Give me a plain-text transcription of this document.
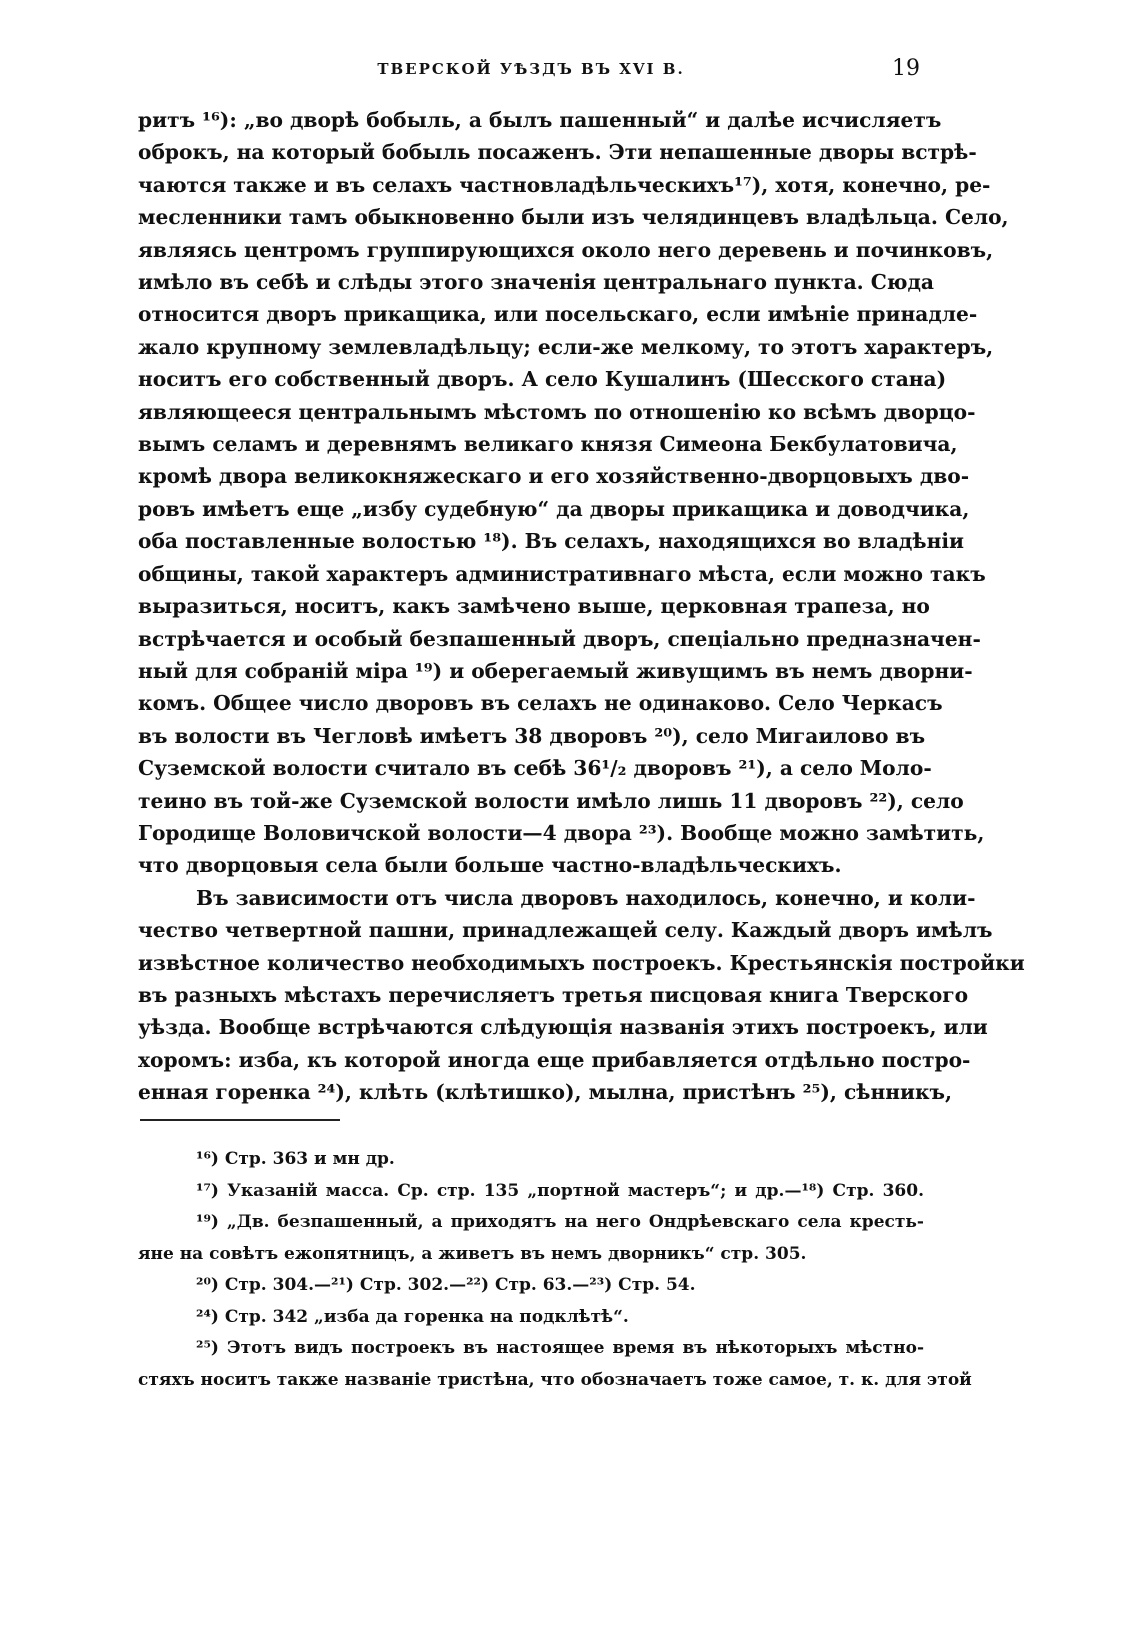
ТВЕРСКОЙ УѢЗДЪ ВЪ XVI В.	19
ритъ ¹⁶): „во дворѣ бобыль, а былъ пашенный“ и далѣе исчисляетъ
оброкъ, на который бобыль посаженъ. Эти непашенные дворы встрѣ-
чаются также и въ селахъ частновладѣльческихъ¹⁷), хотя, конечно, ре-
месленники тамъ обыкновенно были изъ челядинцевъ владѣльца. Село,
являясь центромъ группирующихся около него деревень и починковъ,
имѣло въ себѣ и слѣды этого значенія центральнаго пункта. Сюда
относится дворъ прикащика, или посельскаго, если имѣніе принадле-
жало крупному землевладѣльцу; если-же мелкому, то этотъ характеръ,
носитъ его собственный дворъ. А село Кушалинъ (Шесского стана)
являющееся центральнымъ мѣстомъ по отношенію ко всѣмъ дворцо-
вымъ селамъ и деревнямъ великаго князя Симеона Бекбулатовича,
кромѣ двора великокняжескаго и его хозяйственно-дворцовыхъ дво-
ровъ имѣетъ еще „избу судебную“ да дворы прикащика и доводчика,
оба поставленные волостью ¹⁸). Въ селахъ, находящихся во владѣніи
общины, такой характеръ административнаго мѣста, если можно такъ
выразиться, носитъ, какъ замѣчено выше, церковная трапеза, но
встрѣчается и особый безпашенный дворъ, спеціально предназначен-
ный для собраній міра ¹⁹) и оберегаемый живущимъ въ немъ дворни-
комъ. Общее число дворовъ въ селахъ не одинаково. Село Черкасъ
въ волости въ Чегловѣ имѣетъ 38 дворовъ ²⁰), село Мигаилово въ
Суземской волости считало въ себѣ 36¹/₂ дворовъ ²¹), а село Моло-
теино въ той-же Суземской волости имѣло лишь 11 дворовъ ²²), село
Городище Воловичской волости—4 двора ²³). Вообще можно замѣтить,
что дворцовыя села были больше частно-владѣльческихъ.
Въ зависимости отъ числа дворовъ находилось, конечно, и коли-
чество четвертной пашни, принадлежащей селу. Каждый дворъ имѣлъ
извѣстное количество необходимыхъ построекъ. Крестьянскія постройки
въ разныхъ мѣстахъ перечисляетъ третья писцовая книга Тверского
уѣзда. Вообще встрѣчаются слѣдующія названія этихъ построекъ, или
хоромъ: изба, къ которой иногда еще прибавляется отдѣльно постро-
енная горенка ²⁴), клѣть (клѣтишко), мылна, пристѣнъ ²⁵), сѣнникъ,
¹⁶) Стр. 363 и мн др.
¹⁷) Указаній масса. Ср. стр. 135 „портной мастеръ“; и др.—¹⁸) Стр. 360.
¹⁹) „Дв. безпашенный, а приходятъ на него Ондрѣевскаго села кресть-
яне на совѣтъ ежопятницъ, а живетъ въ немъ дворникъ“ стр. 305.
²⁰) Стр. 304.—²¹) Стр. 302.—²²) Стр. 63.—²³) Стр. 54.
²⁴) Стр. 342 „изба да горенка на подклѣтѣ“.
²⁵) Этотъ видъ построекъ въ настоящее время въ нѣкоторыхъ мѣстно-
стяхъ носитъ также названіе тристѣна, что обозначаетъ тоже самое, т. к. для этой
